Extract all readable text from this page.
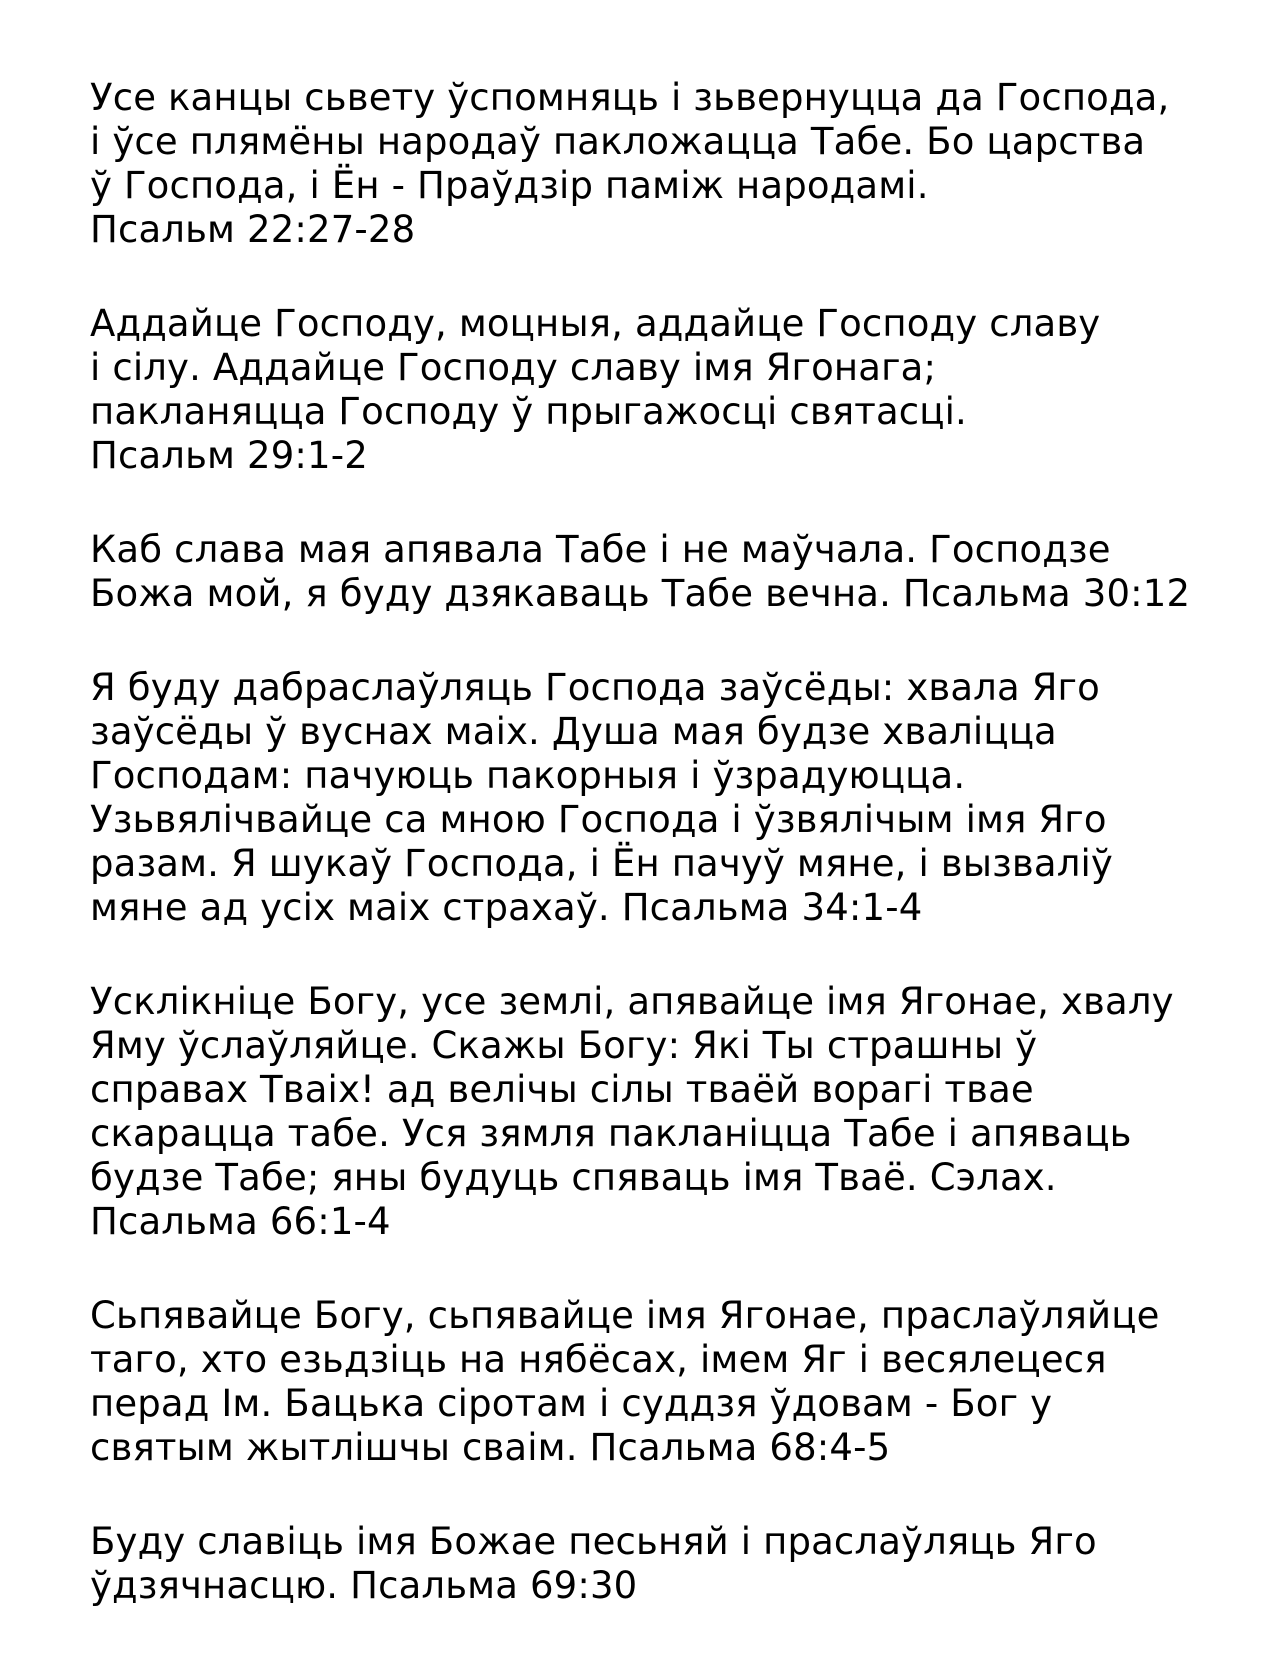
Усе канцы сьвету ўспомняць і зьвернуцца да Господа,
і ўсе плямёны народаў пакложацца Табе. Бо царства
ў Господа, і Ён - Праўдзір паміж народамі.
Псальм 22:27-28
Аддайце Господу, моцныя, аддайце Господу славу
і сілу. Аддайце Господу славу імя Ягонага;
пакланяцца Господу ў прыгажосці святасці.
Псальм 29:1-2
Каб слава мая апявала Табе і не маўчала. Господзе
Божа мой, я буду дзякаваць Табе вечна. Псальма 30:12
Я буду дабраслаўляць Господа заўсёды: хвала Яго
заўсёды ў вуснах маіх. Душа мая будзе хваліцца
Господам: пачуюць пакорныя і ўзрадуюцца.
Узьвялічвайце са мною Господа і ўзвялічым імя Яго
разам. Я шукаў Господа, і Ён пачуў мяне, і вызваліў
мяне ад усіх маіх страхаў. Псальма 34:1-4
Усклікніце Богу, усе землі, апявайце імя Ягонае, хвалу
Яму ўслаўляйце. Скажы Богу: Які Ты страшны ў
справах Тваіх! ад велічы сілы тваёй ворагі твае
скарацца табе. Уся зямля пакланіцца Табе і апяваць
будзе Табе; яны будуць спяваць імя Тваё. Сэлах.
Псальма 66:1-4
Сьпявайце Богу, сьпявайце імя Ягонае, праслаўляйце
таго, хто езьдзіць на нябёсах, імем Яг і весялецеся
перад Ім. Бацька сіротам і суддзя ўдовам - Бог у
святым жытлішчы сваім. Псальма 68:4-5
Буду славіць імя Божае песьняй і праслаўляць Яго
ўдзячнасцю. Псальма 69:30
